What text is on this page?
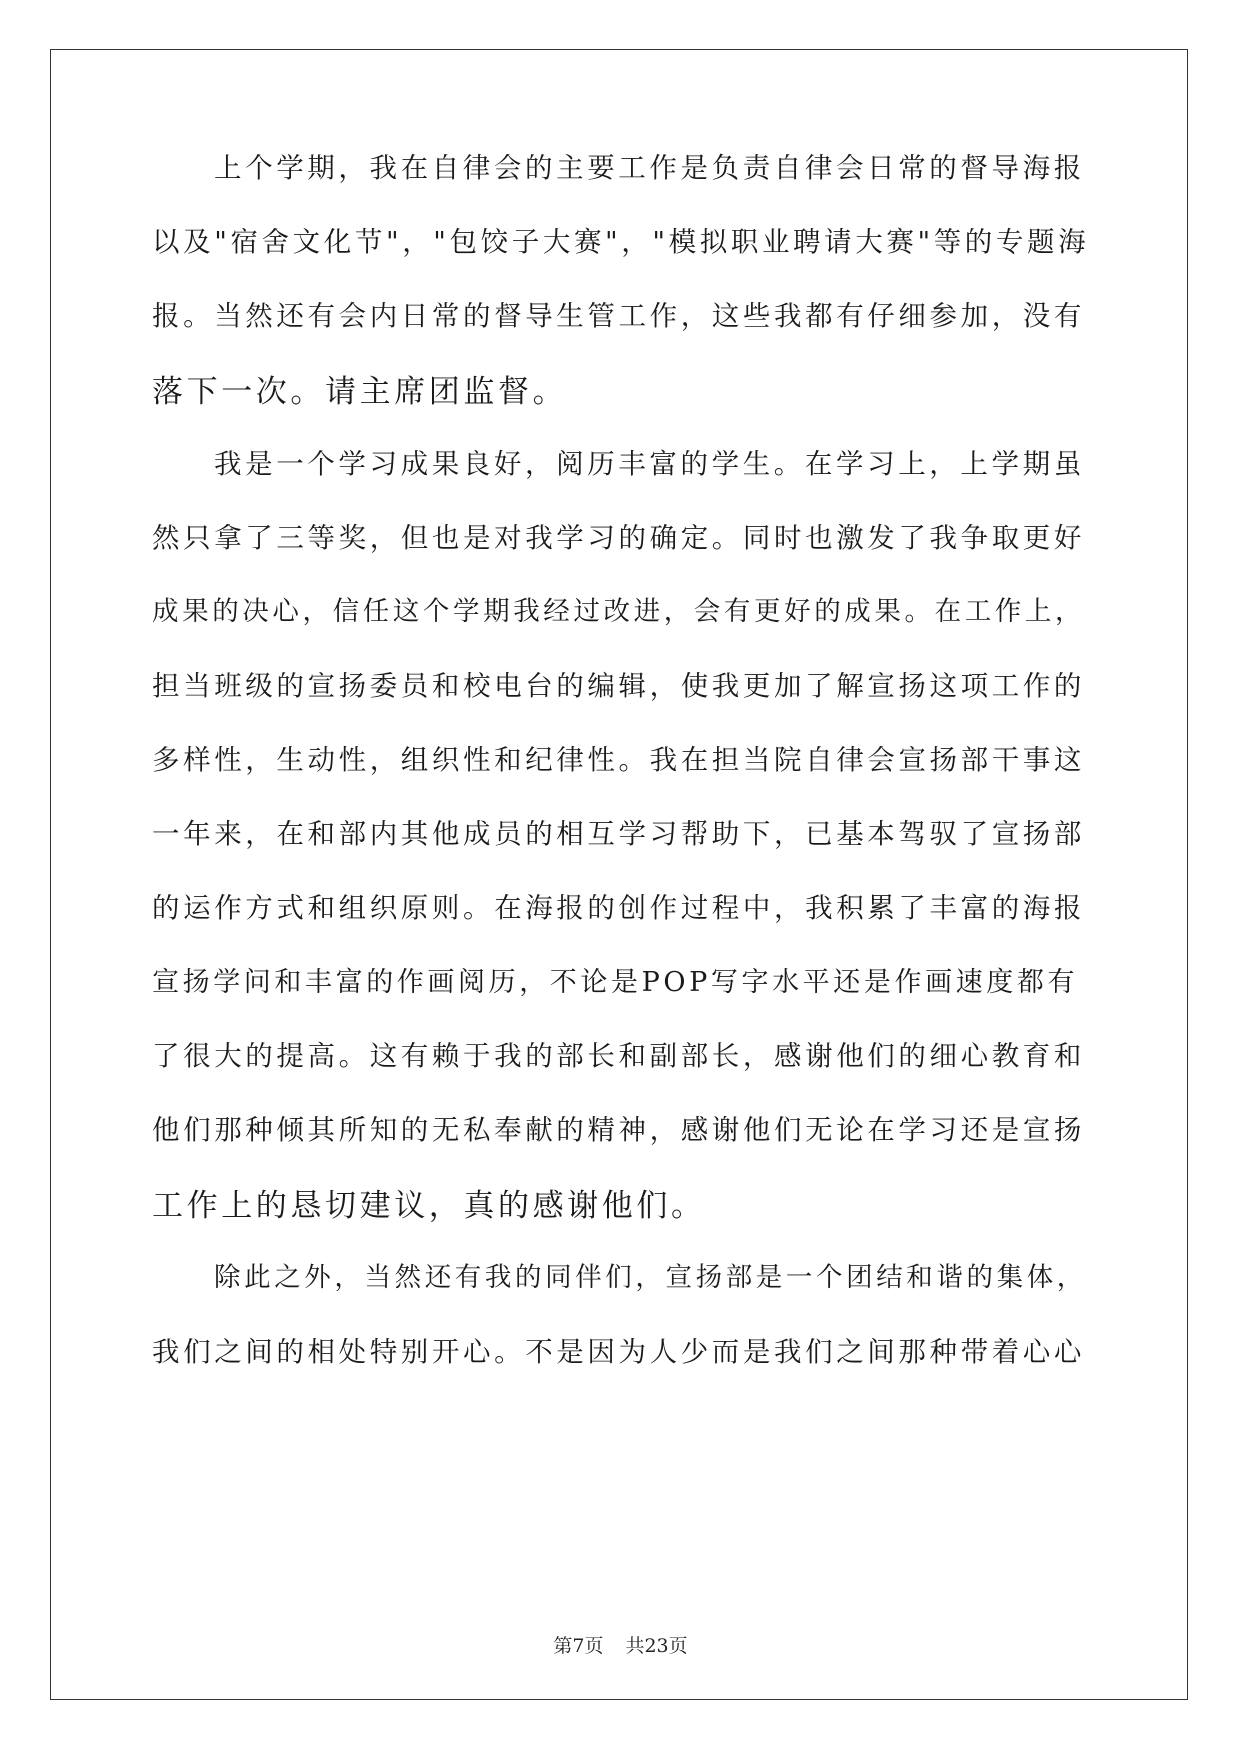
上个学期，我在自律会的主要工作是负责自律会日常的督导海报
以及"宿舍文化节"，"包饺子大赛"，"模拟职业聘请大赛"等的专题海
报。当然还有会内日常的督导生管工作，这些我都有仔细参加，没有
落下一次。请主席团监督。
我是一个学习成果良好，阅历丰富的学生。在学习上，上学期虽
然只拿了三等奖，但也是对我学习的确定。同时也激发了我争取更好
成果的决心，信任这个学期我经过改进，会有更好的成果。在工作上，
担当班级的宣扬委员和校电台的编辑，使我更加了解宣扬这项工作的
多样性，生动性，组织性和纪律性。我在担当院自律会宣扬部干事这
一年来，在和部内其他成员的相互学习帮助下，已基本驾驭了宣扬部
的运作方式和组织原则。在海报的创作过程中，我积累了丰富的海报
宣扬学问和丰富的作画阅历，不论是POP写字水平还是作画速度都有
了很大的提高。这有赖于我的部长和副部长，感谢他们的细心教育和
他们那种倾其所知的无私奉献的精神，感谢他们无论在学习还是宣扬
工作上的恳切建议，真的感谢他们。
除此之外，当然还有我的同伴们，宣扬部是一个团结和谐的集体，
我们之间的相处特别开心。不是因为人少而是我们之间那种带着心心
第7页 共23页
